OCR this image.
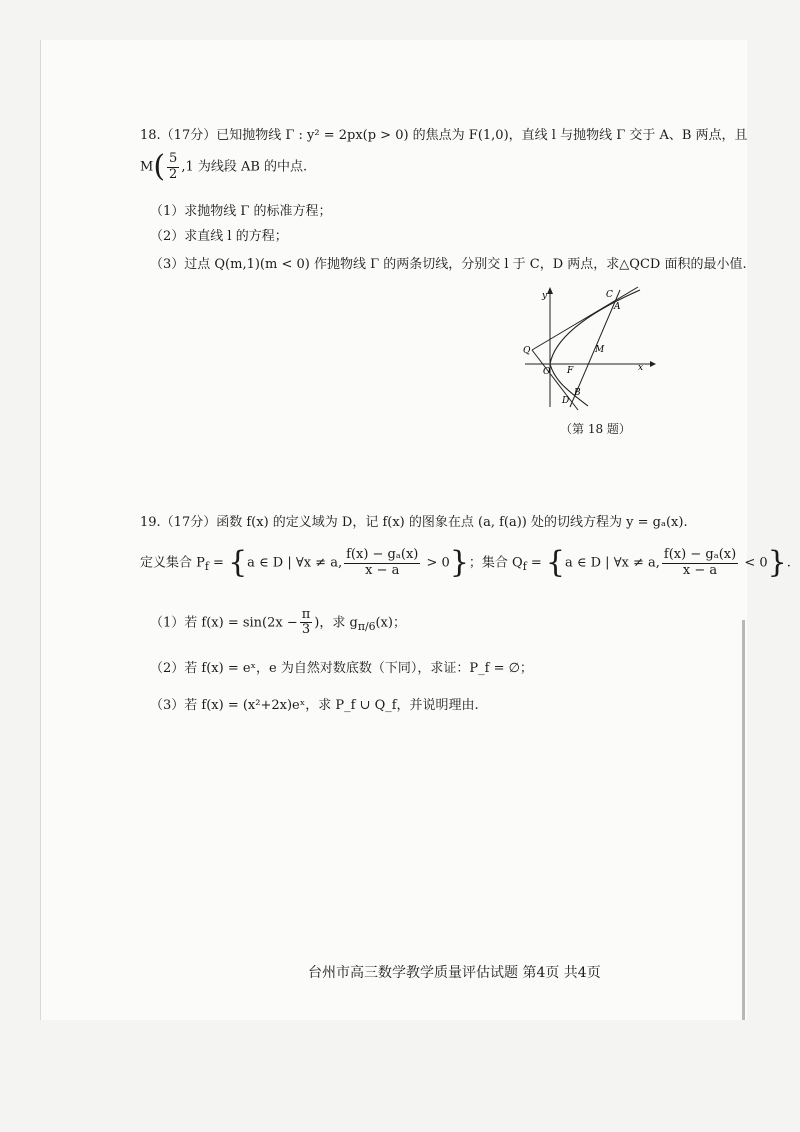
18.（17分）已知抛物线 Γ : y² = 2px(p > 0) 的焦点为 F(1,0)，直线 l 与抛物线 Γ 交于 A、B 两点，且
$M( \frac{5}{2} ,1$ 为线段 AB 的中点.
（1）求抛物线 Γ 的标准方程；
（2）求直线 l 的方程；
（3）过点 Q(m,1)(m < 0) 作抛物线 Γ 的两条切线，分别交 l 于 C，D 两点，求△QCD 面积的最小值.
y
x
O F
Q	M
A
C
B
D
（第 18 题）
19.（17分）函数 f(x) 的定义域为 D，记 f(x) 的图象在点 (a, f(a)) 处的切线方程为 y = gₐ(x).
定义集合 $P_f = \{a$ ∈ D | ∀x ≠ a, $\frac{\text{f(x) − gₐ(x)}}{x - a} > 0$}；集合 $Q_f = \{a$ ∈ D | ∀x ≠ a, $\frac{\text{f(x) − gₐ(x)}}{x - a} < 0$}.
（1）若 $f(x) = \sin(2x - \frac{\pi}{3}$ )，求 $g_{\pi/6}(x)$；
（2）若 f(x) = eˣ，e 为自然对数底数（下同），求证：P_f = ∅；
（3）若 f(x) = (x²+2x)eˣ，求 P_f ∪ Q_f，并说明理由.
台州市高三数学教学质量评估试题 第4页 共4页
